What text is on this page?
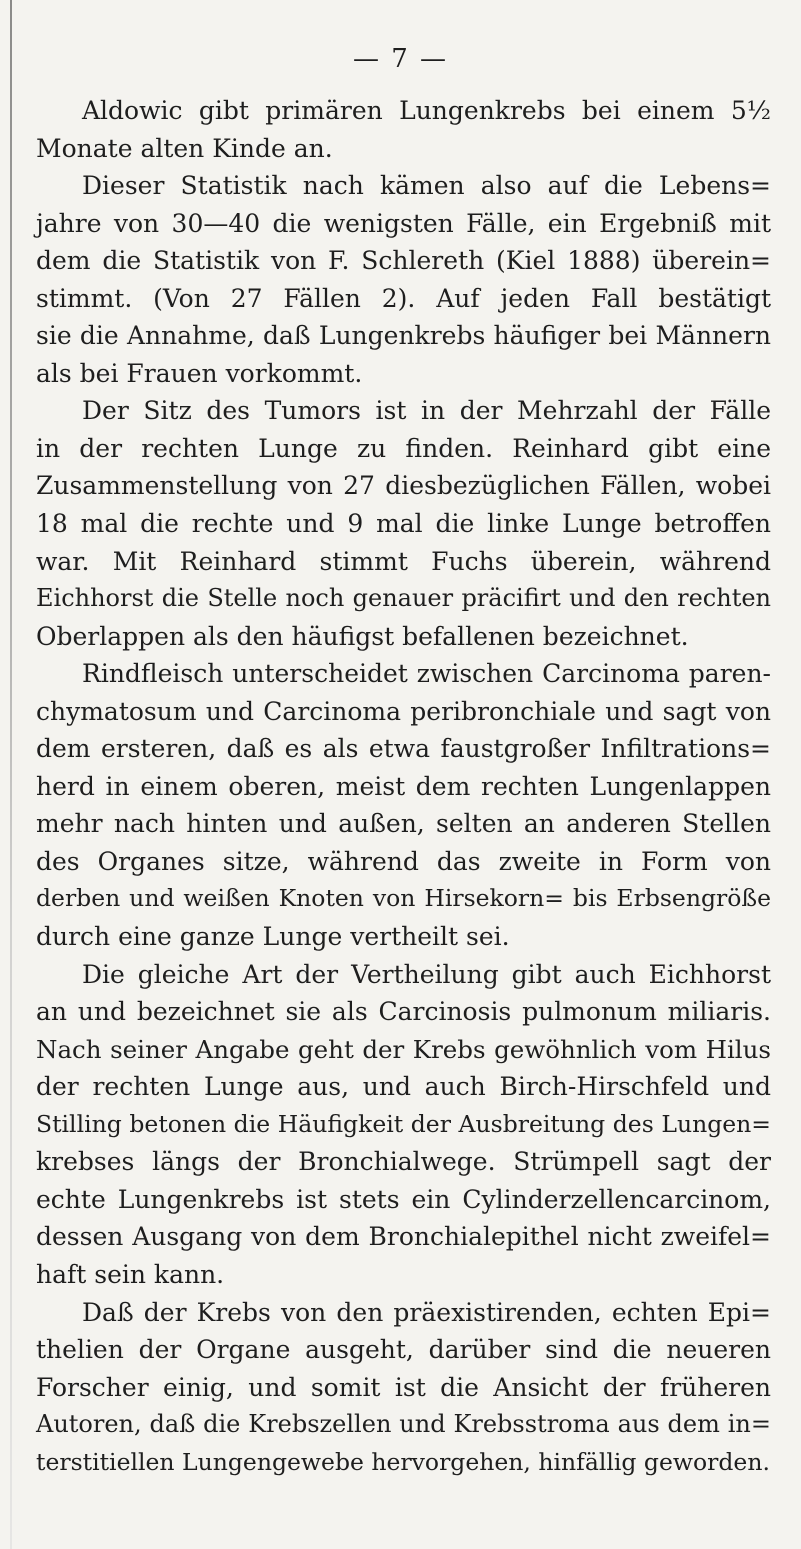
— 7 —
Aldowic gibt primären Lungenkrebs bei einem 5½
Monate alten Kinde an.
Dieser Statistik nach kämen also auf die Lebens=
jahre von 30—40 die wenigsten Fälle, ein Ergebniß mit
dem die Statistik von F. Schlereth (Kiel 1888) überein=
stimmt. (Von 27 Fällen 2). Auf jeden Fall bestätigt
sie die Annahme, daß Lungenkrebs häufiger bei Männern
als bei Frauen vorkommt.
Der Sitz des Tumors ist in der Mehrzahl der Fälle
in der rechten Lunge zu finden. Reinhard gibt eine
Zusammenstellung von 27 diesbezüglichen Fällen, wobei
18 mal die rechte und 9 mal die linke Lunge betroffen
war. Mit Reinhard stimmt Fuchs überein, während
Eichhorst die Stelle noch genauer präcifirt und den rechten
Oberlappen als den häufigst befallenen bezeichnet.
Rindfleisch unterscheidet zwischen Carcinoma paren-
chymatosum und Carcinoma peribronchiale und sagt von
dem ersteren, daß es als etwa faustgroßer Infiltrations=
herd in einem oberen, meist dem rechten Lungenlappen
mehr nach hinten und außen, selten an anderen Stellen
des Organes sitze, während das zweite in Form von
derben und weißen Knoten von Hirsekorn= bis Erbsengröße
durch eine ganze Lunge vertheilt sei.
Die gleiche Art der Vertheilung gibt auch Eichhorst
an und bezeichnet sie als Carcinosis pulmonum miliaris.
Nach seiner Angabe geht der Krebs gewöhnlich vom Hilus
der rechten Lunge aus, und auch Birch-Hirschfeld und
Stilling betonen die Häufigkeit der Ausbreitung des Lungen=
krebses längs der Bronchialwege. Strümpell sagt der
echte Lungenkrebs ist stets ein Cylinderzellencarcinom,
dessen Ausgang von dem Bronchialepithel nicht zweifel=
haft sein kann.
Daß der Krebs von den präexistirenden, echten Epi=
thelien der Organe ausgeht, darüber sind die neueren
Forscher einig, und somit ist die Ansicht der früheren
Autoren, daß die Krebszellen und Krebsstroma aus dem in=
terstitiellen Lungengewebe hervorgehen, hinfällig geworden.
